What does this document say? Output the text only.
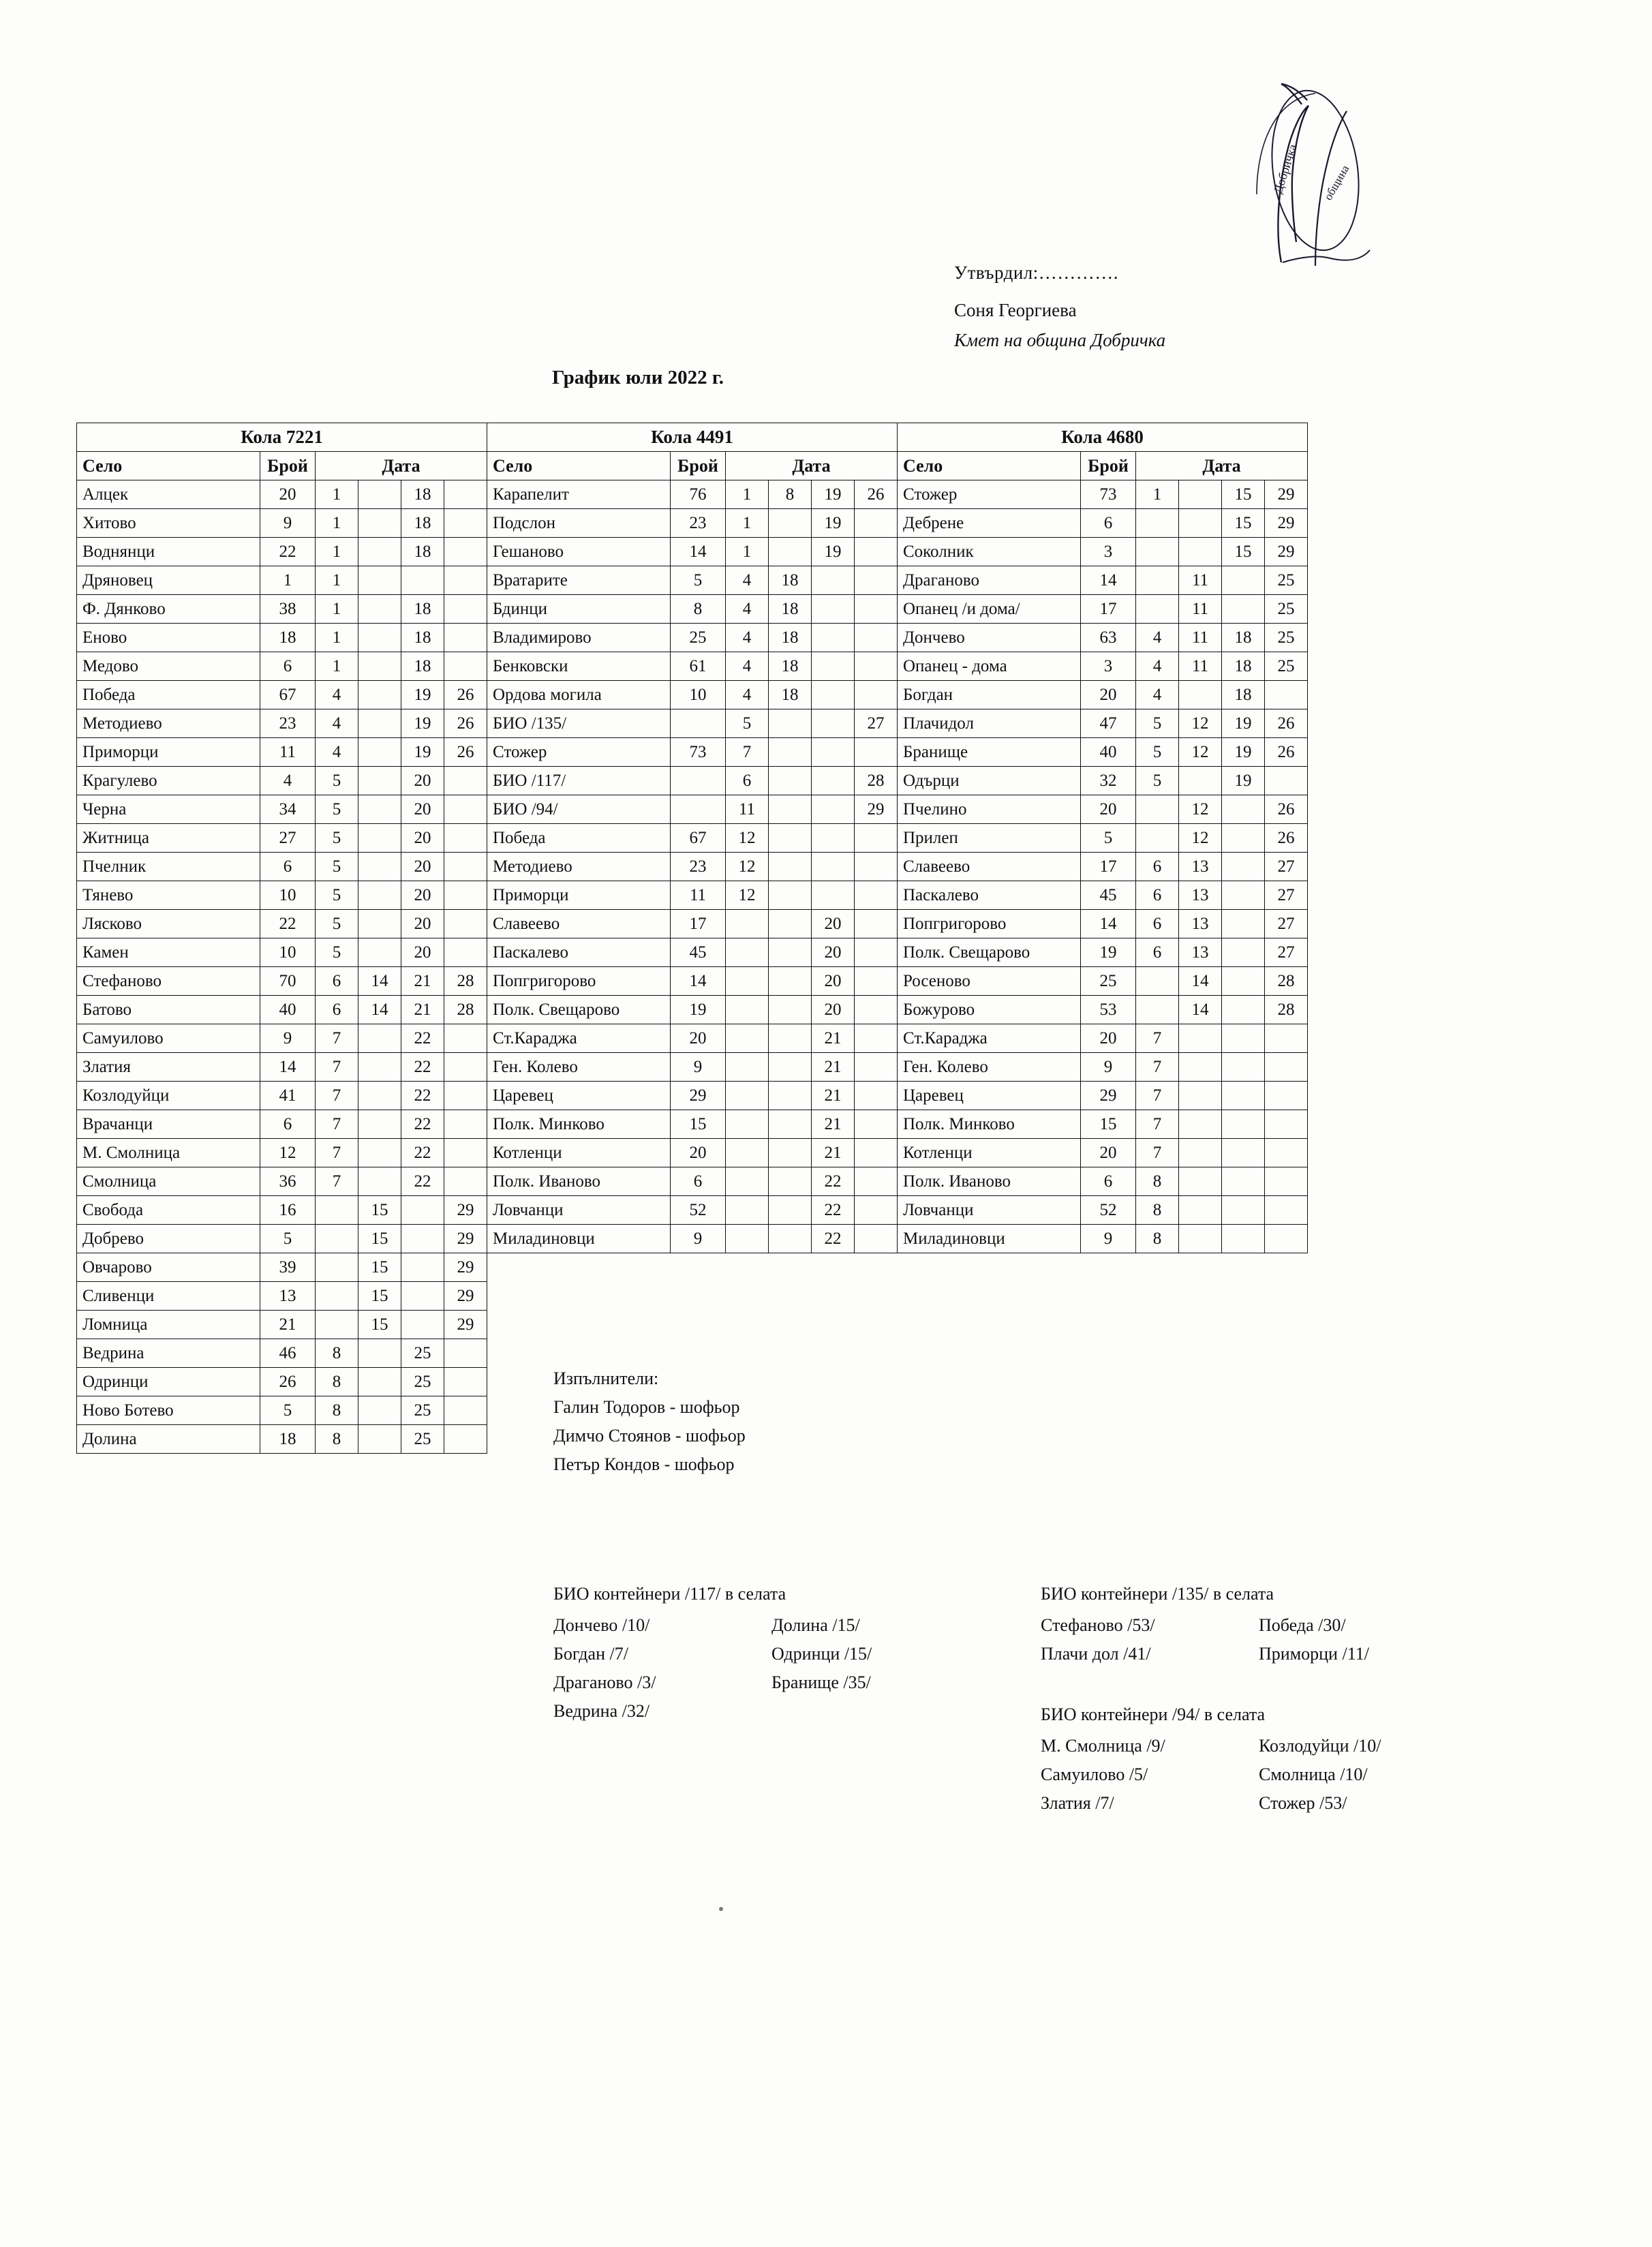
Добричка община
Утвърдил:………….
Соня Георгиева
Кмет на община Добричка
График юли 2022 г.
Кола 7221						Кола 4491						Кола 4680					
Село	Брой	Дата				Село	Брой	Дата				Село	Брой	Дата			
Алцек	20	1		18		Карапелит	76	1	8	19	26	Стожер	73	1		15	29
Хитово	9	1		18		Подслон	23	1		19		Дебрене	6			15	29
Воднянци	22	1		18		Гешаново	14	1		19		Соколник	3			15	29
Дряновец	1	1				Вратарите	5	4	18			Драганово	14		11		25
Ф. Дянково	38	1		18		Бдинци	8	4	18			Опанец /и дома/	17		11		25
Еново	18	1		18		Владимирово	25	4	18			Дончево	63	4	11	18	25
Медово	6	1		18		Бенковски	61	4	18			Опанец - дома	3	4	11	18	25
Победа	67	4		19	26	Ордова могила	10	4	18			Богдан	20	4		18	
Методиево	23	4		19	26	БИО /135/		5			27	Плачидол	47	5	12	19	26
Приморци	11	4		19	26	Стожер	73	7				Бранище	40	5	12	19	26
Крагулево	4	5		20		БИО /117/		6			28	Одърци	32	5		19	
Черна	34	5		20		БИО /94/		11			29	Пчелино	20		12		26
Житница	27	5		20		Победа	67	12				Прилеп	5		12		26
Пчелник	6	5		20		Методиево	23	12				Славеево	17	6	13		27
Тянево	10	5		20		Приморци	11	12				Паскалево	45	6	13		27
Лясково	22	5		20		Славеево	17			20		Попгригорово	14	6	13		27
Камен	10	5		20		Паскалево	45			20		Полк. Свещарово	19	6	13		27
Стефаново	70	6	14	21	28	Попгригорово	14			20		Росеново	25		14		28
Батово	40	6	14	21	28	Полк. Свещарово	19			20		Божурово	53		14		28
Самуилово	9	7		22		Ст.Караджа	20			21		Ст.Караджа	20	7			
Златия	14	7		22		Ген. Колево	9			21		Ген. Колево	9	7			
Козлодуйци	41	7		22		Царевец	29			21		Царевец	29	7			
Врачанци	6	7		22		Полк. Минково	15			21		Полк. Минково	15	7			
М. Смолница	12	7		22		Котленци	20			21		Котленци	20	7			
Смолница	36	7		22		Полк. Иваново	6			22		Полк. Иваново	6	8			
Свобода	16		15		29	Ловчанци	52			22		Ловчанци	52	8			
Добрево	5		15		29	Миладиновци	9			22		Миладиновци	9	8			
Овчарово	39		15		29												
Сливенци	13		15		29												
Ломница	21		15		29												
Ведрина	46	8		25													
Одринци	26	8		25													
Ново Ботево	5	8		25													
Долина	18	8		25													
Изпълнители:
Галин Тодоров - шофьор
Димчо Стоянов - шофьор
Петър Кондов - шофьор
БИО контейнери /117/ в селата
Дончево /10/
Богдан /7/
Драганово /3/
Ведрина /32/
Долина /15/
Одринци /15/
Бранище /35/
БИО контейнери /135/ в селата
Стефаново /53/
Плачи дол /41/
Победа /30/
Приморци /11/
БИО контейнери /94/ в селата
М. Смолница /9/
Самуилово /5/
Златия /7/
Козлодуйци /10/
Смолница /10/
Стожер /53/
